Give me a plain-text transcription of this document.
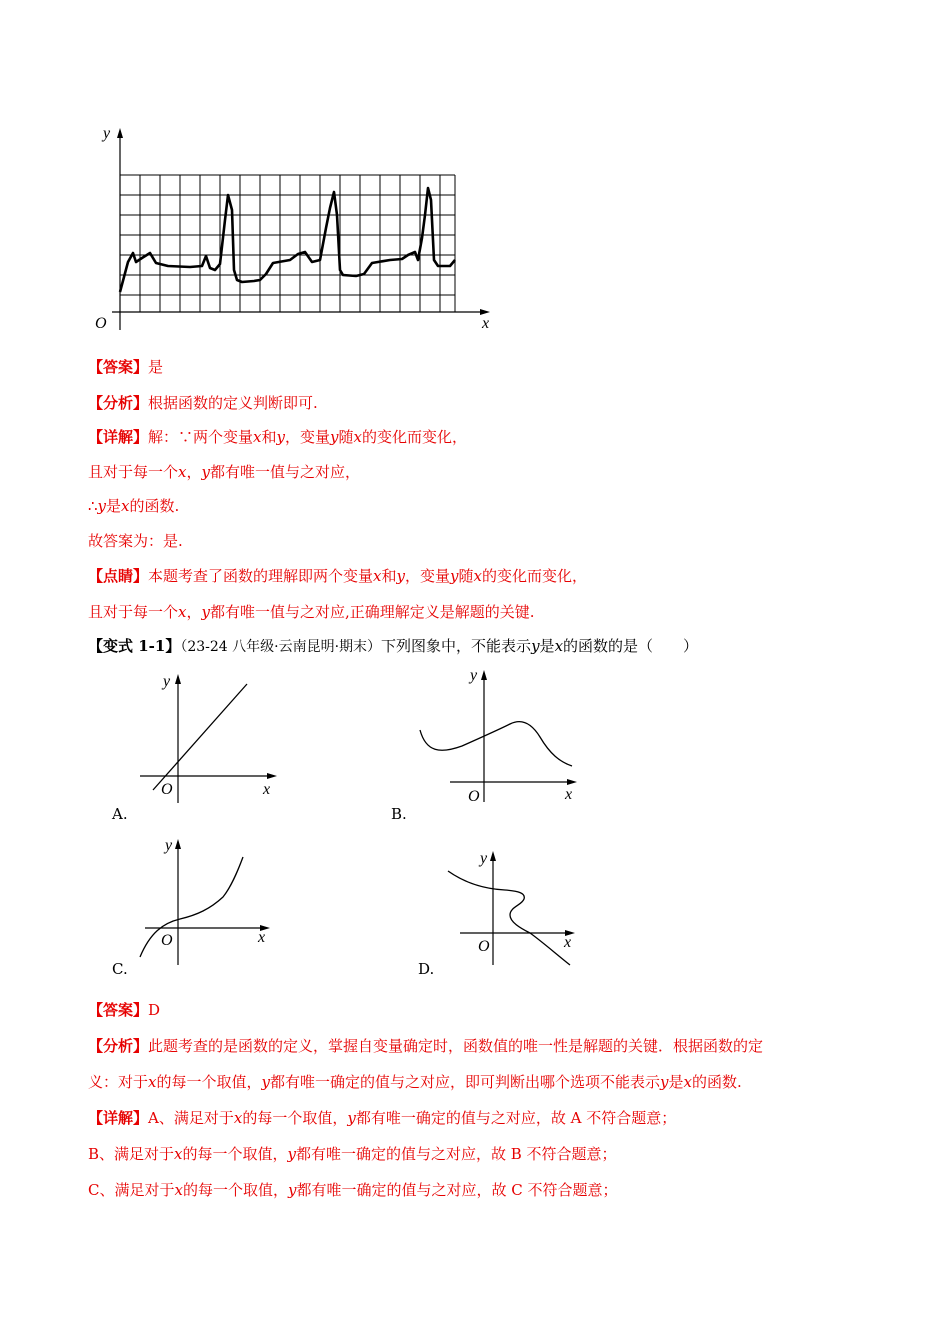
y
x
O
【答案】是
【分析】根据函数的定义判断即可.
【详解】解：∵两个变量x和y，变量y随x的变化而变化，
且对于每一个x，y都有唯一值与之对应，
∴y是x的函数.
故答案为：是.
【点睛】本题考查了函数的理解即两个变量x和y，变量y随x的变化而变化，
且对于每一个x，y都有唯一值与之对应,正确理解定义是解题的关键.
【变式 1-1】（23-24 八年级·云南昆明·期末）下列图象中，不能表示y是x的函数的是（　　）
y
x
O
A.
y
x
O
B.
y
x
O
C.
y
x
O
D.
【答案】D
【分析】此题考查的是函数的定义，掌握自变量确定时，函数值的唯一性是解题的关键．根据函数的定
义：对于x的每一个取值，y都有唯一确定的值与之对应，即可判断出哪个选项不能表示y是x的函数.
【详解】A、满足对于x的每一个取值，y都有唯一确定的值与之对应，故 A 不符合题意；
B、满足对于x的每一个取值，y都有唯一确定的值与之对应，故 B 不符合题意；
C、满足对于x的每一个取值，y都有唯一确定的值与之对应，故 C 不符合题意；
